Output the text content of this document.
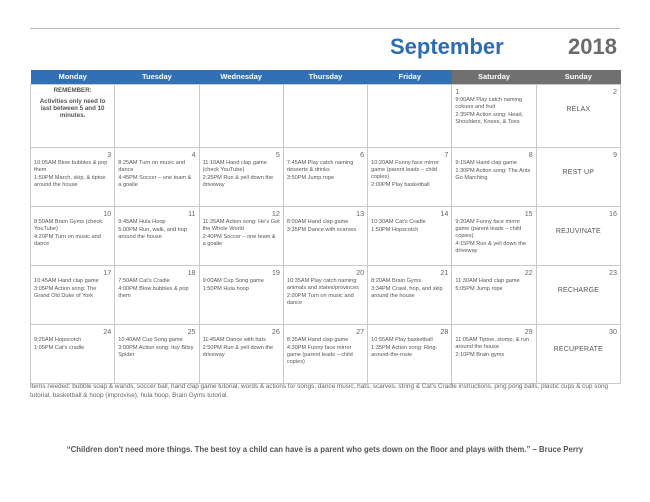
September	2018
Monday	Tuesday	Wednesday	Thursday	Friday	Saturday	Sunday

REMEMBER:
Activities only need to last between 5 and 10 minutes.					1
9:00AM Play catch naming colours and fruit
2:35PM Action song: Head, Shoulders, Knees, & Toes	2
RELAX

3
10:05AM Blow bubbles & pop them
1:50PM March, skip, & tiptoe around the house	4
8:25AM Turn on music and dance
4:45PM Soccer – one team & a goalie	5
11:10AM Hand clap game (check YouTube)
2:25PM Run & yell down the driveway	6
7:45AM Play catch naming desserts & drinks
3:50PM Jump rope	7
10:20AM Funny face mirror game (parent leads – child copies)
2:00PM Play basketball	8
9:15AM Hand clap game
1:30PM Action song: The Ants Go Marching	9
REST UP

10
8:50AM Brain Gyms (check YouTube)
4:20PM Turn on music and dance	11
9:45AM Hula Hoop
5:00PM Run, walk, and hop around the house	12
11:35AM Action song: He's Got the Whole World
2:40PM Soccer – one team & a goalie	13
8:00AM Hand clap game
3:35PM Dance with scarves	14
10:30AM Cat's Cradle
1:50PM Hopscotch	15
9:20AM Funny face mirror game (parent leads – child copies)
4:15PM Run & yell down the driveway	16
REJUVINATE

17
10:45AM Hand clap game
3:05PM Action song: The Grand Old Duke of York	18
7:50AM Cat's Cradle
4:00PM Blow bubbles & pop them	19
9:00AM Cup Song game
1:50PM Hula hoop	20
10:35AM Play catch naming animals and states/provinces
2:00PM Turn on music and dance	21
8:20AM Brain Gyms
3:34PM Crawl, hop, and skip around the house	22
11:30AM Hand clap game
5:05PM Jump rope	23
RECHARGE

24
9:25AM Hopscotch
1:05PM Cat's cradle	25
10:40AM Cup Song game
3:00PM Action song: Itsy Bitsy Spider	26
11:45AM Dance with hats
2:50PM Run & yell down the driveway	27
8:35AM Hand clap game
4:30PM Funny face mirror game (parent leads – child copies)	28
10:55AM Play basketball
1:35PM Action song: Ring-around-the-rosie	29
11:05AM Tiptoe, stomp, & run around the house
2:10PM Brain gyms	30
RECUPERATE
Items needed: bubble soap & wands, soccer ball, hand clap game tutorial, words & actions for songs, dance music, hats, scarves, string & Cat's Cradle instructions, ping pong balls, plastic cups & cup song tutorial, basketball & hoop (improvise), hula hoop, Brain Gyms tutorial.
“Children don't need more things. The best toy a child can have is a parent who gets down on the floor and plays with them.” – Bruce Perry
